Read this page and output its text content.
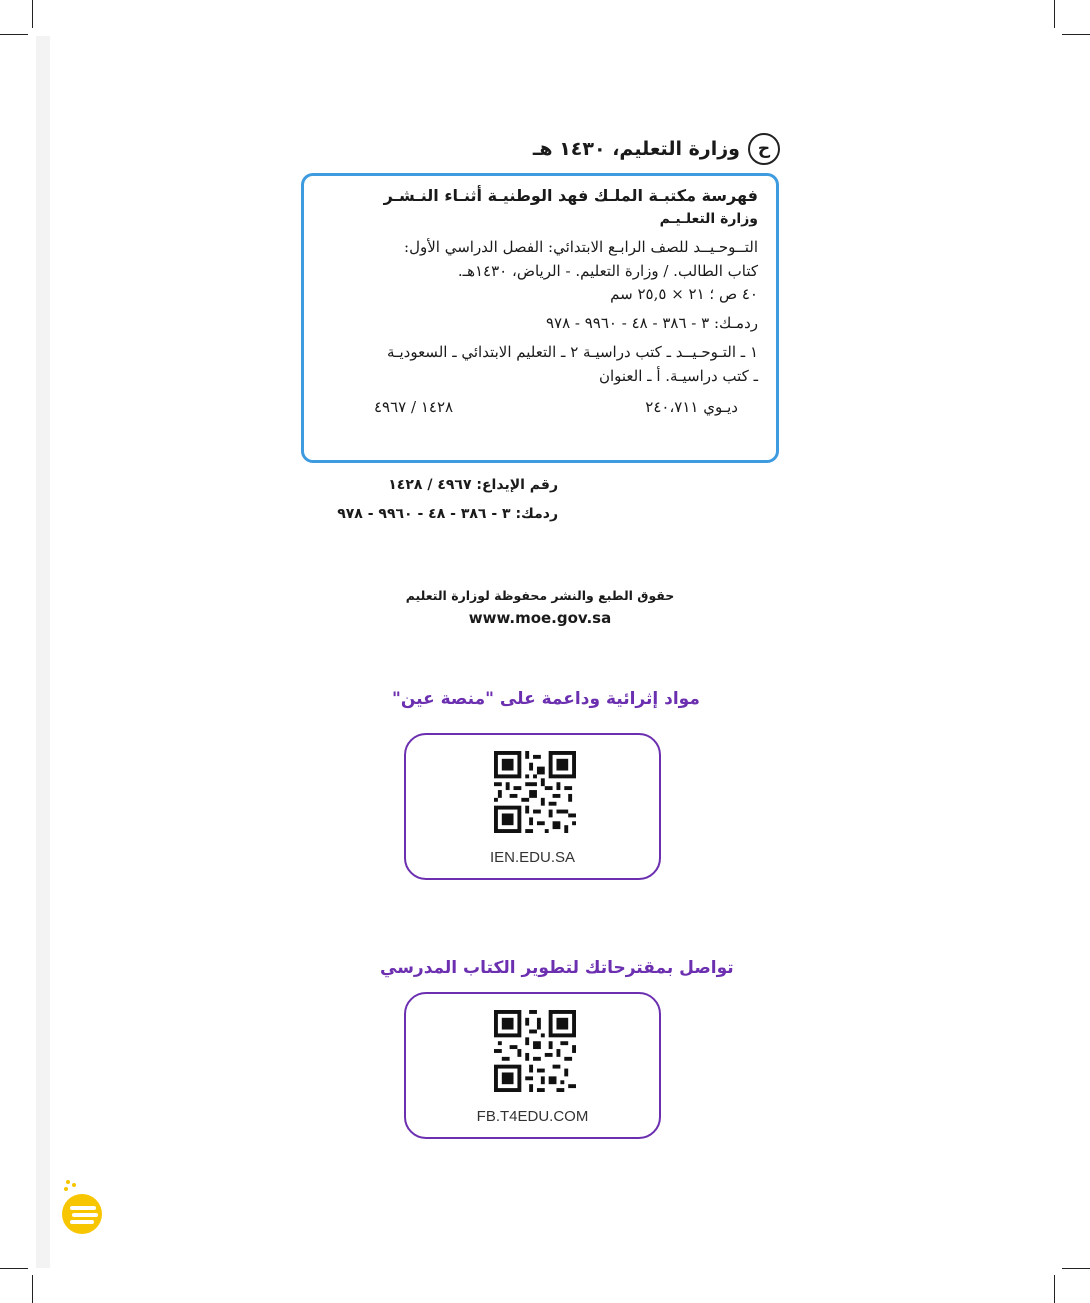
ح
وزارة التعليم، ١٤٣٠ هـ
فهرسة مكتبـة الملـك فهد الوطنيـة أثنـاء النـشـر
وزارة التعلـيـم
التــوحـيــد للصف الرابـع الابتدائي: الفصل الدراسي الأول:
كتاب الطالب. / وزارة التعليم. - الرياض، ١٤٣٠هـ.
٤٠ ص ؛ ٢١ × ٢٥,٥ سم
ردمـك: ٣ - ٣٨٦ - ٤٨ - ٩٩٦٠ - ٩٧٨
١ ـ التـوحـيــد ـ كتب دراسيـة ٢ ـ التعليم الابتدائي ـ السعوديـة
ـ كتب دراسيـة. أ ـ العنوان
ديـوي ٢٤٠،٧١١
١٤٢٨ / ٤٩٦٧
رقم الإيداع: ٤٩٦٧ / ١٤٢٨
ردمك: ٣ - ٣٨٦ - ٤٨ - ٩٩٦٠ - ٩٧٨
حقوق الطبع والنشر محفوظة لوزارة التعليم
www.moe.gov.sa
مواد إثرائية وداعمة على "منصة عين"
IEN.EDU.SA
تواصل بمقترحاتك لتطوير الكتاب المدرسي
FB.T4EDU.COM
